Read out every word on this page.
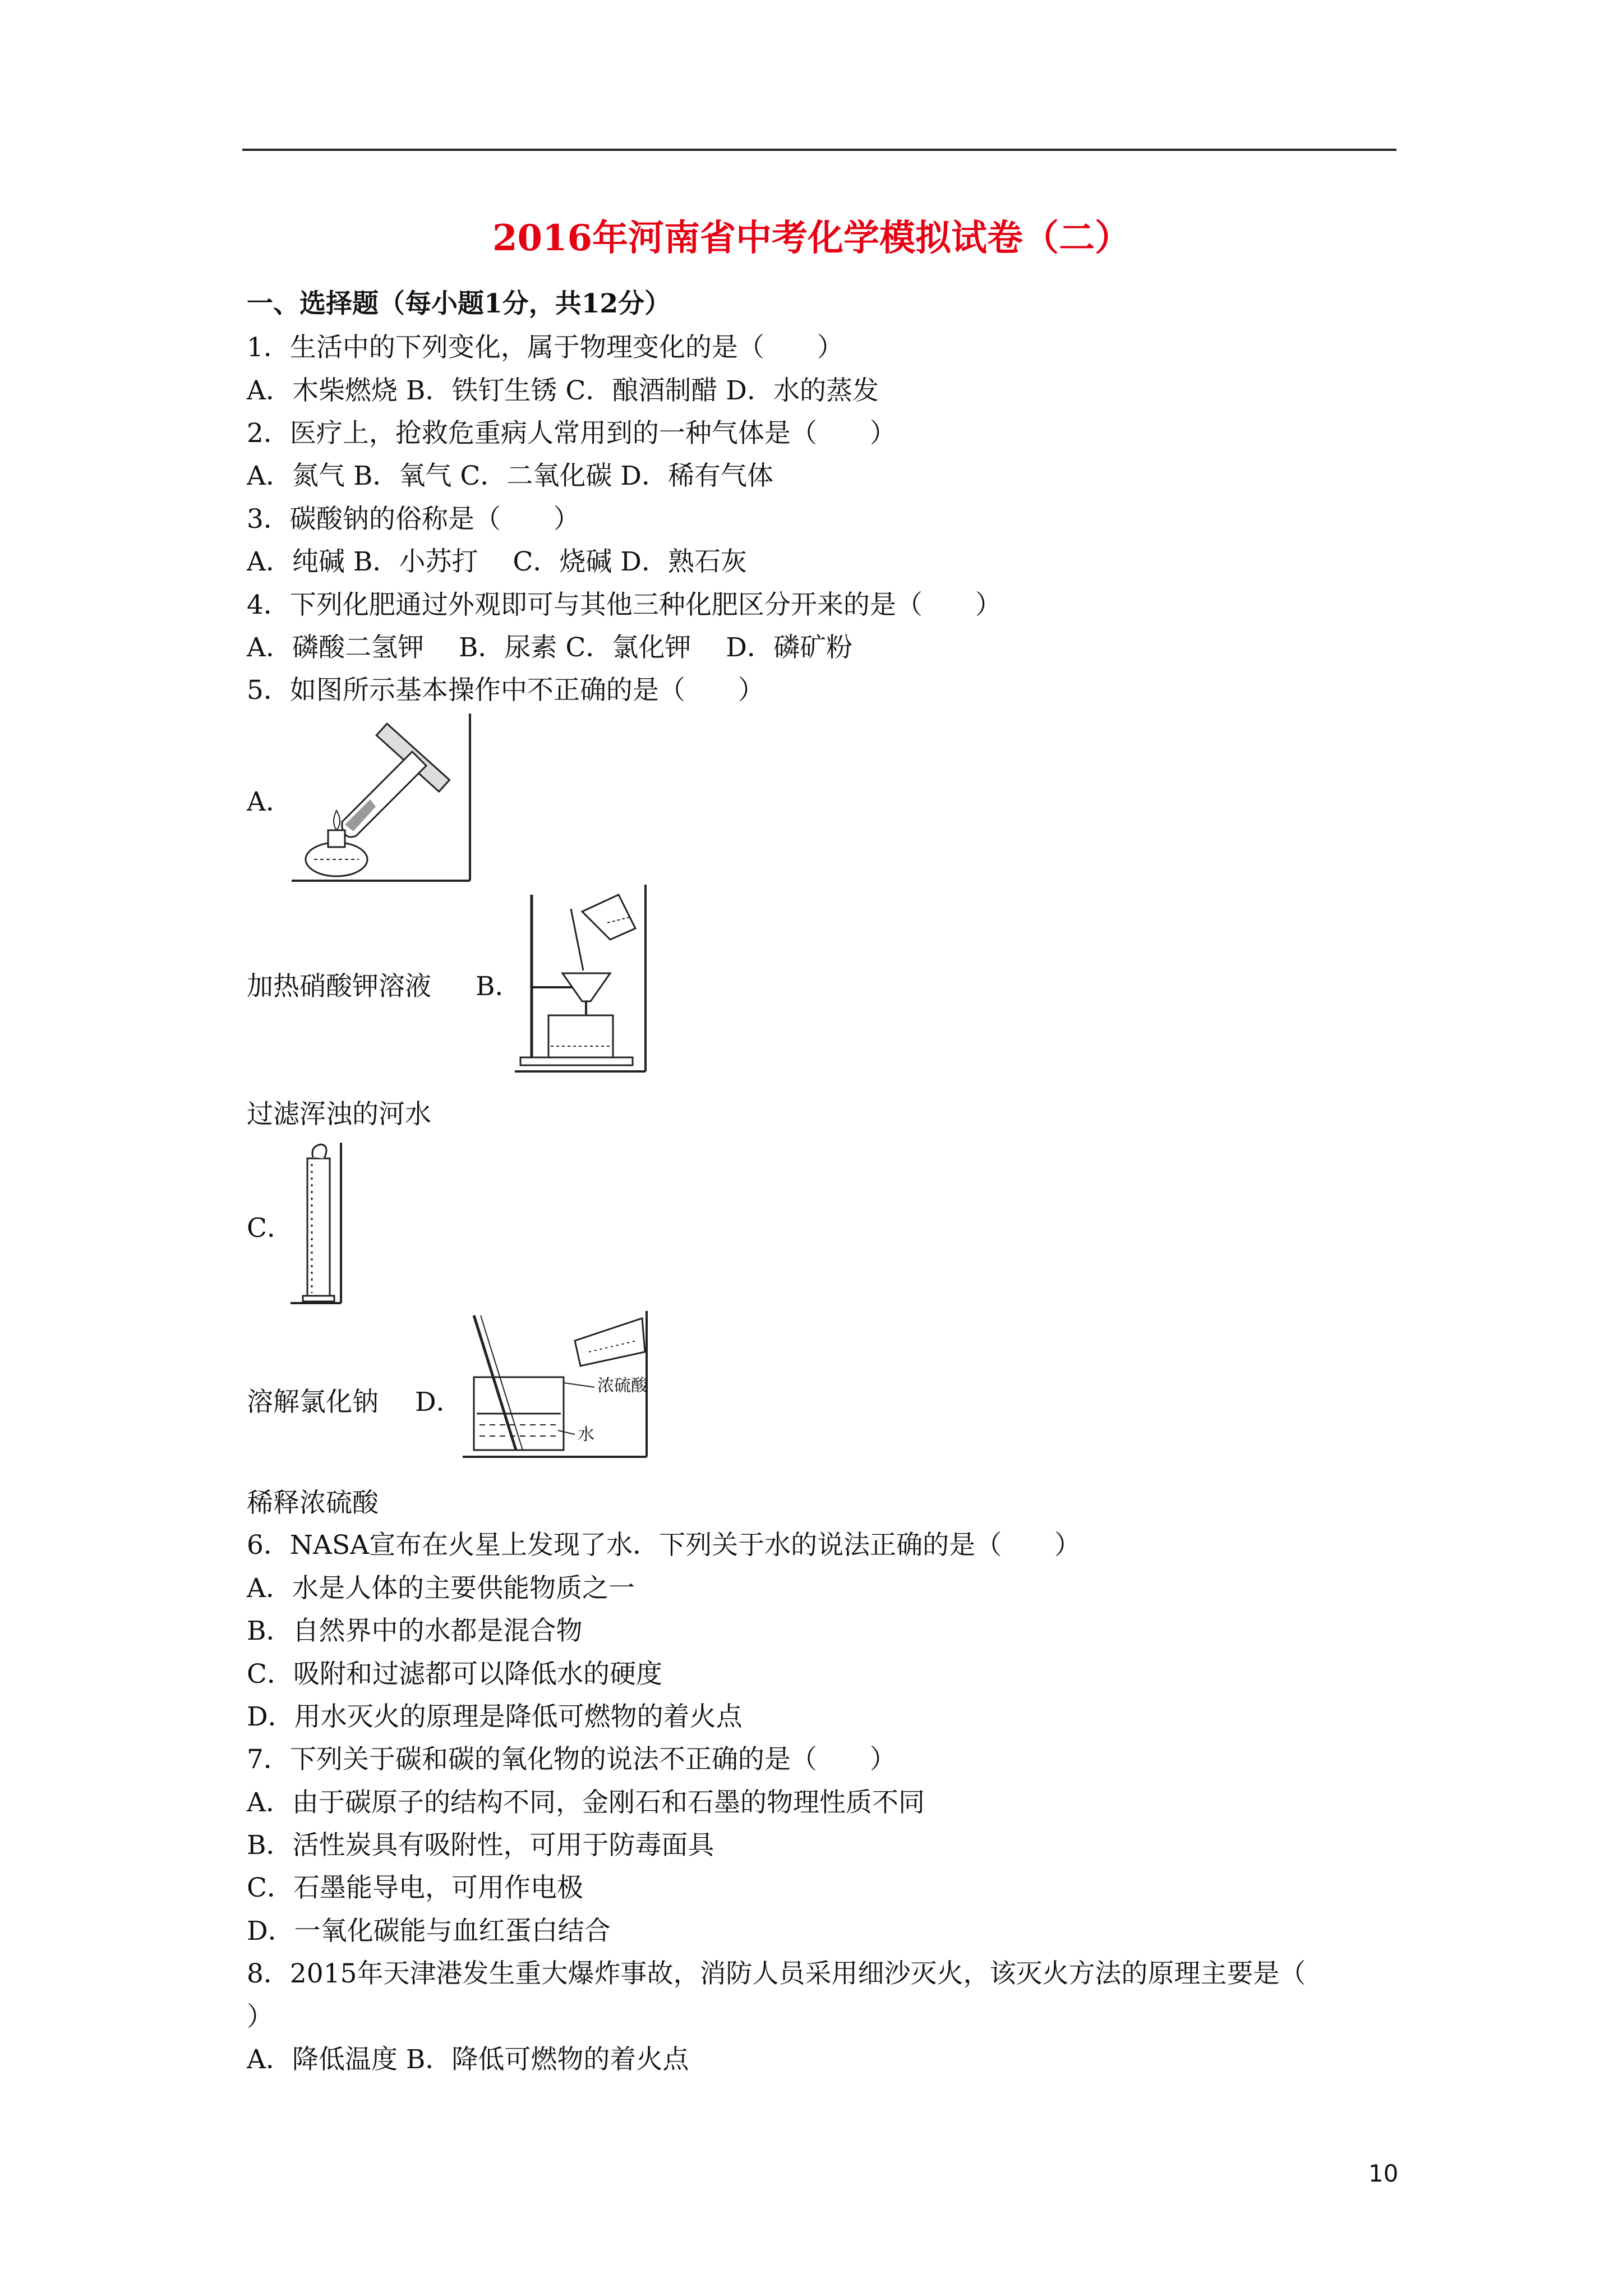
2016年河南省中考化学模拟试卷（二）
一、选择题（每小题1分，共12分）
1．生活中的下列变化，属于物理变化的是（　　）
A．木柴燃烧 B．铁钉生锈 C．酿酒制醋 D．水的蒸发
2．医疗上，抢救危重病人常用到的一种气体是（　　）
A．氮气 B．氧气 C．二氧化碳 D．稀有气体
3．碳酸钠的俗称是（　　）
A．纯碱 B．小苏打　 C．烧碱 D．熟石灰
4．下列化肥通过外观即可与其他三种化肥区分开来的是（　　）
A．磷酸二氢钾　 B．尿素 C．氯化钾　 D．磷矿粉
5．如图所示基本操作中不正确的是（　　）
A．
加热硝酸钾溶液 B．
过滤浑浊的河水
C．
溶解氯化钠 D．
浓硫酸
水
稀释浓硫酸
6．NASA宣布在火星上发现了水．下列关于水的说法正确的是（　　）
A．水是人体的主要供能物质之一
B．自然界中的水都是混合物
C．吸附和过滤都可以降低水的硬度
D．用水灭火的原理是降低可燃物的着火点
7．下列关于碳和碳的氧化物的说法不正确的是（　　）
A．由于碳原子的结构不同，金刚石和石墨的物理性质不同
B．活性炭具有吸附性，可用于防毒面具
C．石墨能导电，可用作电极
D．一氧化碳能与血红蛋白结合
8．2015年天津港发生重大爆炸事故，消防人员采用细沙灭火，该灭火方法的原理主要是（
）
A．降低温度 B．降低可燃物的着火点
10
